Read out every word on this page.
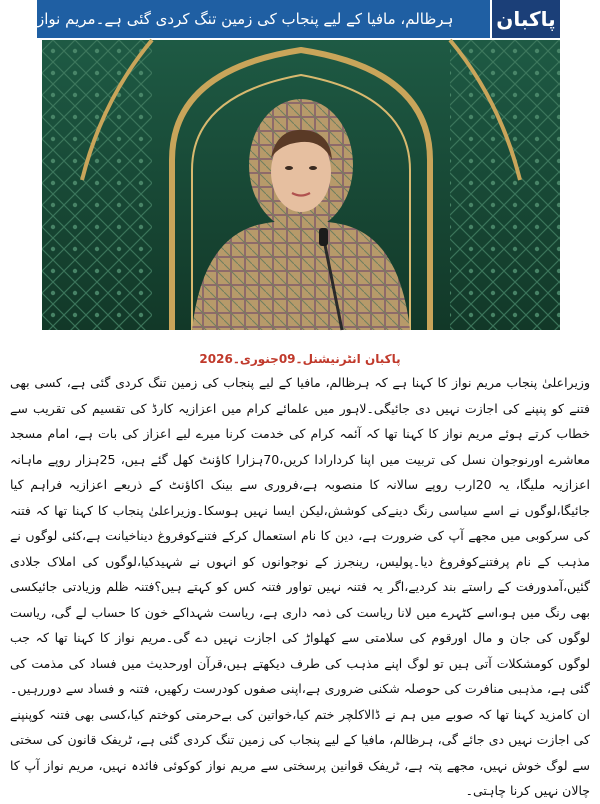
پاکبان
ہرظالم، مافیا کے لیے پنجاب کی زمین تنگ کردی گئی ہے۔مریم نواز
پاکبان انٹرنیشنل۔09جنوری۔2026

وزیراعلیٰ پنجاب مریم نواز کا کہنا ہے کہ ہرظالم، مافیا کے لیے پنجاب کی زمین تنگ کردی گئی ہے، کسی بھی فتنے کو پنپنے کی اجازت نہیں دی جائیگی۔لاہور میں علمائے کرام میں اعزازیہ کارڈ کی تقسیم کی تقریب سے خطاب کرتے ہوئے مریم نواز کا کہنا تھا کہ آئمہ کرام کی خدمت کرنا میرے لیے اعزاز کی بات ہے، امام مسجد معاشرے اورنوجوان نسل کی تربیت میں اپنا کردارادا کریں،70ہزارا کاؤنٹ کھل گئے ہیں، 25ہزار روپے ماہانہ اعزازیہ ملیگا، یہ 20ارب روپے سالانہ کا منصوبہ ہے،فروری سے بینک اکاؤنٹ کے ذریعے اعزازیہ فراہم کیا جائیگا،لوگوں نے اسے سیاسی رنگ دینےکی کوشش،لیکن ایسا نہیں ہوسکا۔وزیراعلیٰ پنجاب کا کہنا تھا کہ فتنہ کی سرکوبی میں مجھے آپ کی ضرورت ہے، دین کا نام استعمال کرکے فتنےکوفروغ دیناخیانت ہے،کئی لوگوں نے مذہب کے نام پرفتنےکوفروغ دیا۔پولیس، رینجرز کے نوجوانوں کو انہوں نے شہیدکیا،لوگوں کی املاک جلادی گئیں،آمدورفت کے راستے بند کردیے،اگر یہ فتنہ نہیں تواور فتنہ کس کو کہتے ہیں؟فتنہ ظلم وزیادتی جائیکسی بھی رنگ میں ہو،اسے کٹہرے میں لانا ریاست کی ذمہ داری ہے، ریاست شہداکے خون کا حساب لے گی، ریاست لوگوں کی جان و مال اورقوم کی سلامتی سے کھلواڑ کی اجازت نہیں دے گی۔مریم نواز کا کہنا تھا کہ جب لوگوں کومشکلات آتی ہیں تو لوگ اپنے مذہب کی طرف دیکھتے ہیں،قرآن اورحدیث میں فساد کی مذمت کی گئی ہے، مذہبی منافرت کی حوصلہ شکنی ضروری ہے،اپنی صفوں کودرست رکھیں، فتنہ و فساد سے دوررہیں۔ان کامزید کہنا تھا کہ صوبے میں ہم نے ڈالاکلچر ختم کیا،خواتین کی بےحرمتی کوختم کیا،کسی بھی فتنہ کوپنپنے کی اجازت نہیں دی جائے گی، ہرظالم، مافیا کے لیے پنجاب کی زمین تنگ کردی گئی ہے، ٹریفک قانون کی سختی سے لوگ خوش نہیں، مجھے پتہ ہے، ٹریفک قوانین پرسختی سے مریم نواز کوکوئی فائدہ نہیں، مریم نواز آپ کا چالان نہیں کرنا چاہتی۔
